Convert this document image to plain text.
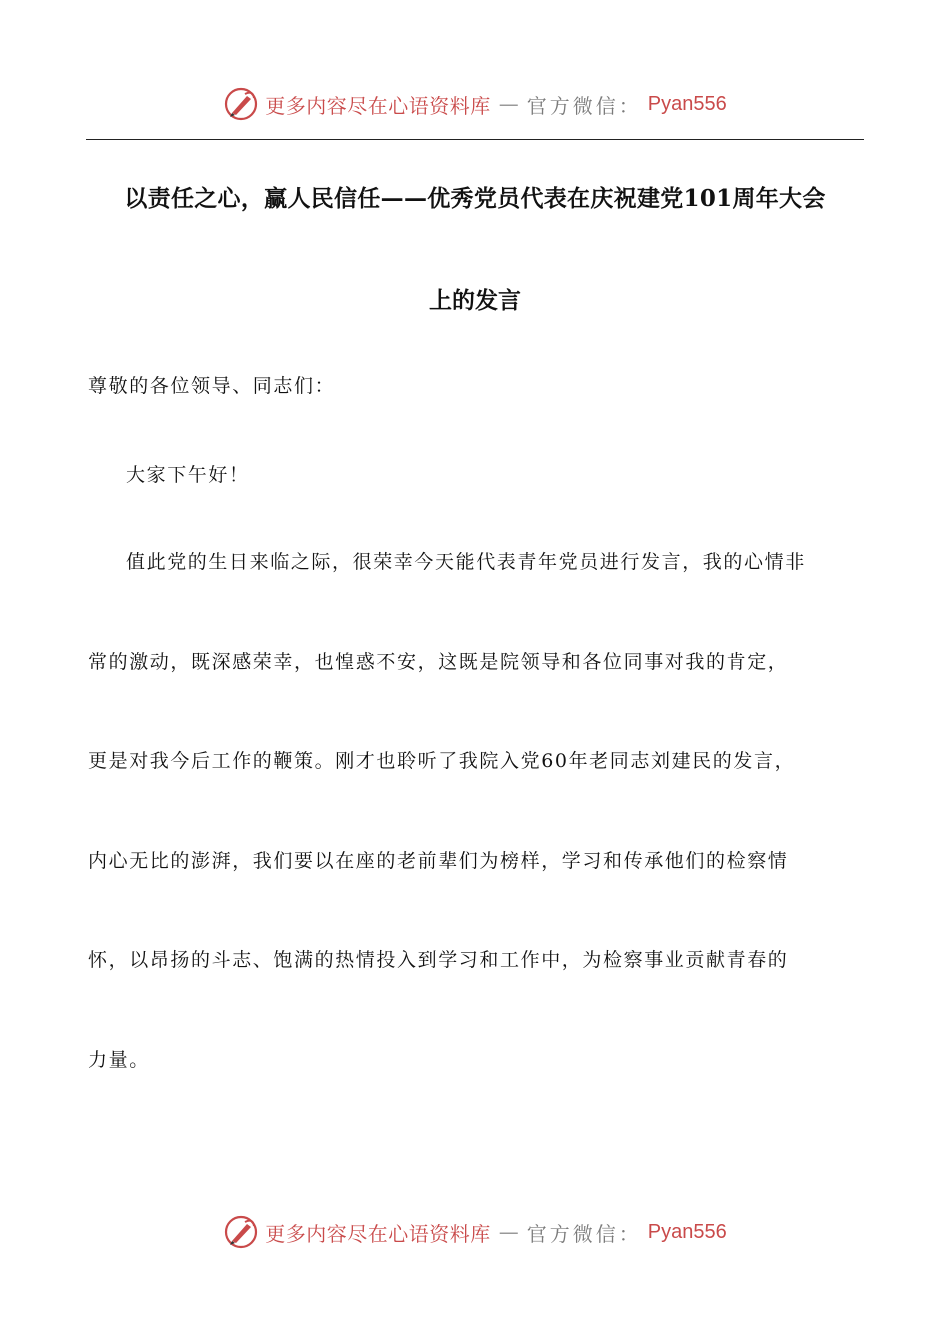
更多内容尽在心语资料库 — 官方微信： Pyan556
以责任之心，赢人民信任——优秀党员代表在庆祝建党101周年大会
上的发言
尊敬的各位领导、同志们：
大家下午好！
值此党的生日来临之际，很荣幸今天能代表青年党员进行发言，我的心情非
常的激动，既深感荣幸，也惶惑不安，这既是院领导和各位同事对我的肯定，
更是对我今后工作的鞭策。刚才也聆听了我院入党60年老同志刘建民的发言，
内心无比的澎湃，我们要以在座的老前辈们为榜样，学习和传承他们的检察情
怀，以昂扬的斗志、饱满的热情投入到学习和工作中，为检察事业贡献青春的
力量。
更多内容尽在心语资料库 — 官方微信： Pyan556
